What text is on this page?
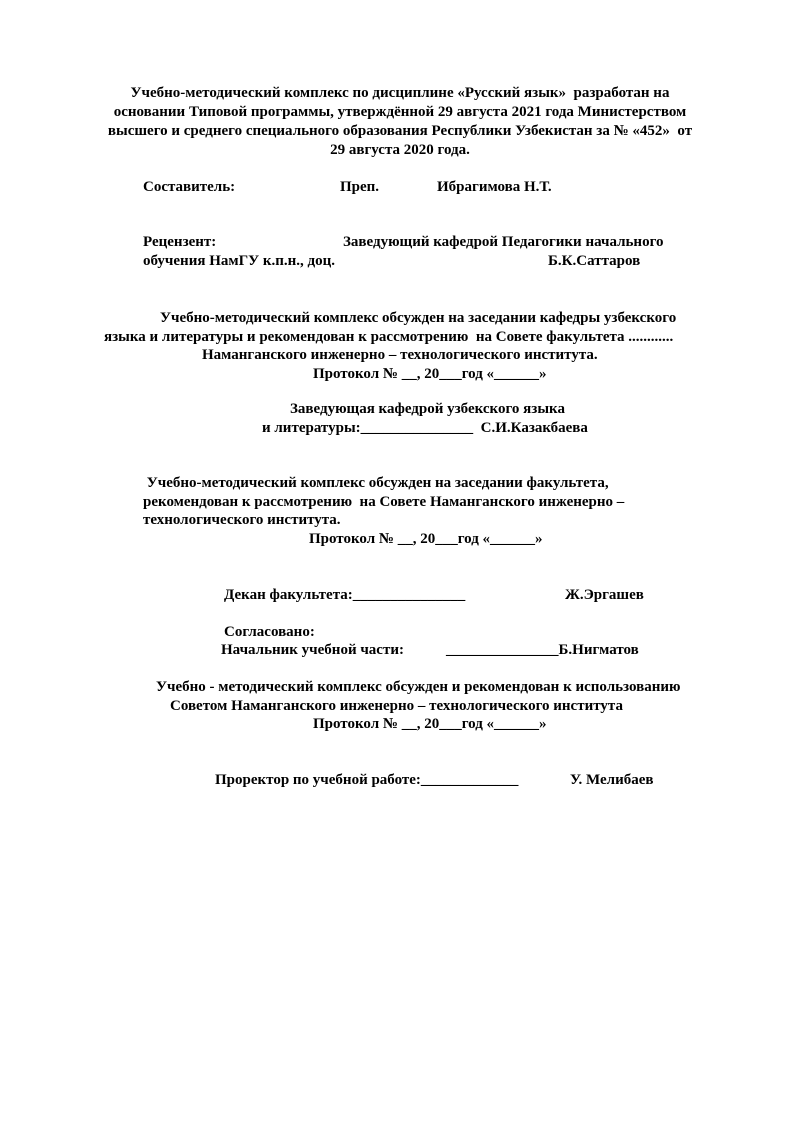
Учебно-методический комплекс по дисциплине «Русский язык»  разработан на
основании Типовой программы, утверждённой 29 августа 2021 года Министерством
высшего и среднего специального образования Республики Узбекистан за № «452»  от
29 августа 2020 года.
Составитель:	Преп.	Ибрагимова Н.Т.
Рецензент:	Заведующий кафедрой Педагогики начального
обучения НамГУ к.п.н., доц.	Б.К.Саттаров
Учебно-методический комплекс обсужден на заседании кафедры узбекского
языка и литературы и рекомендован к рассмотрению  на Совете факультета ............
Наманганского инженерно – технологического института.
Протокол № __, 20___год «______»
Заведующая кафедрой узбекского языка
и литературы:_______________  С.И.Казакбаева
Учебно-методический комплекс обсужден на заседании факультета,
рекомендован к рассмотрению  на Совете Наманганского инженерно –
технологического института.
Протокол № __, 20___год «______»
Декан факультета:_______________	Ж.Эргашев
Согласовано:
Начальник учебной части:	_______________Б.Нигматов
Учебно - методический комплекс обсужден и рекомендован к использованию
Советом Наманганского инженерно – технологического института
Протокол № __, 20___год «______»
Проректор по учебной работе:_____________	У. Мелибаев
